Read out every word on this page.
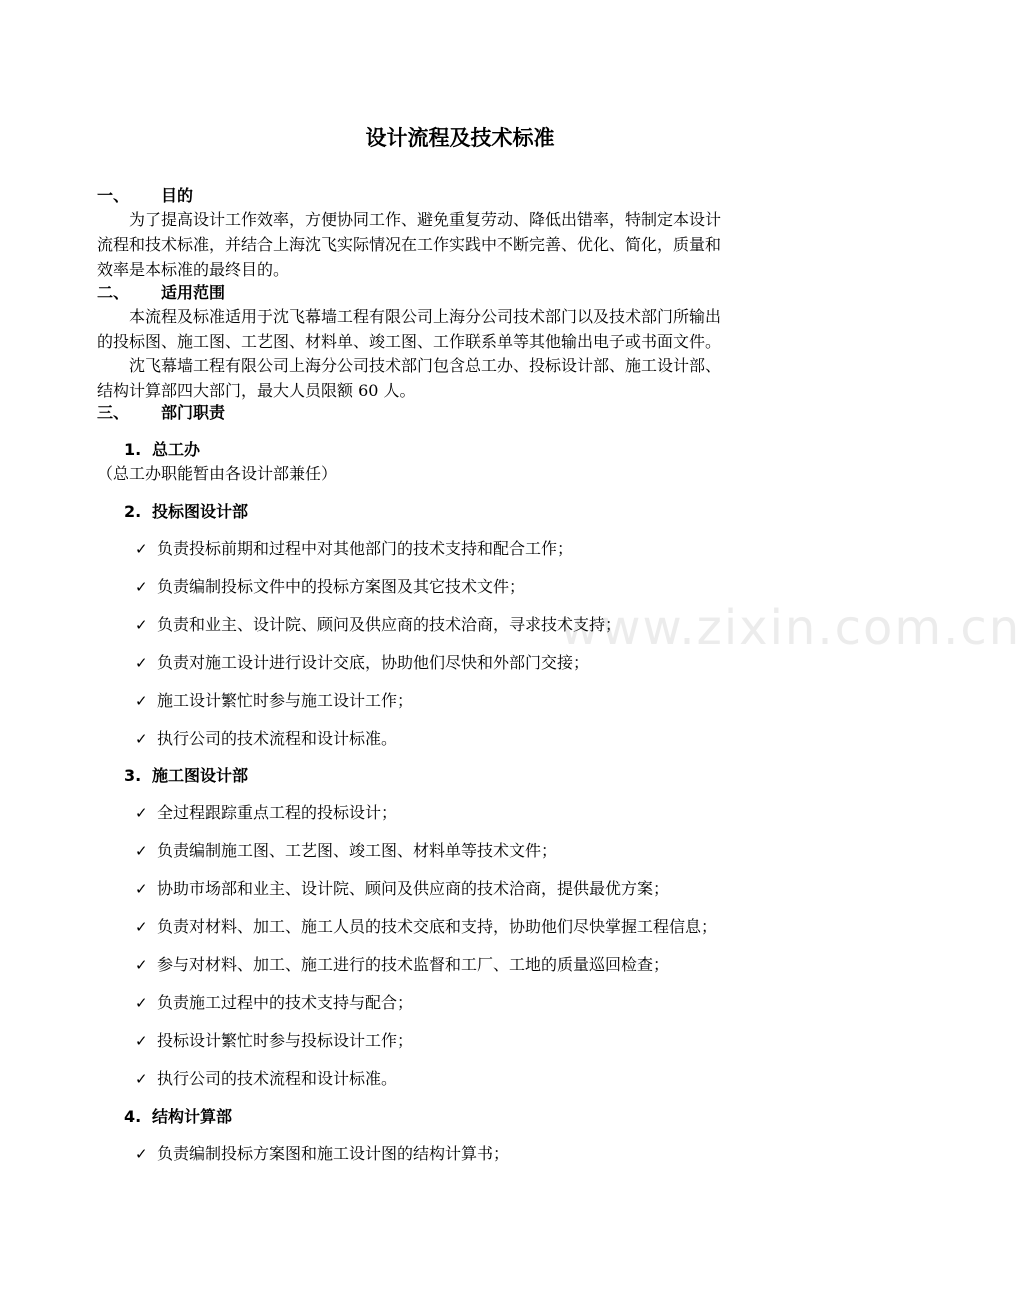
www.zixin.com.cn
设计流程及技术标准
一、 目的
为了提高设计工作效率，方便协同工作、避免重复劳动、降低出错率，特制定本设计
流程和技术标准，并结合上海沈飞实际情况在工作实践中不断完善、优化、简化，质量和
效率是本标准的最终目的。
二、 适用范围
本流程及标准适用于沈飞幕墙工程有限公司上海分公司技术部门以及技术部门所输出
的投标图、施工图、工艺图、材料单、竣工图、工作联系单等其他输出电子或书面文件。
沈飞幕墙工程有限公司上海分公司技术部门包含总工办、投标设计部、施工设计部、
结构计算部四大部门，最大人员限额 60 人。
三、 部门职责
1. 总工办
（总工办职能暂由各设计部兼任）
2. 投标图设计部
✓ 负责投标前期和过程中对其他部门的技术支持和配合工作；
✓ 负责编制投标文件中的投标方案图及其它技术文件；
✓ 负责和业主、设计院、顾问及供应商的技术洽商，寻求技术支持；
✓ 负责对施工设计进行设计交底，协助他们尽快和外部门交接；
✓ 施工设计繁忙时参与施工设计工作；
✓ 执行公司的技术流程和设计标准。
3. 施工图设计部
✓ 全过程跟踪重点工程的投标设计；
✓ 负责编制施工图、工艺图、竣工图、材料单等技术文件；
✓ 协助市场部和业主、设计院、顾问及供应商的技术洽商，提供最优方案；
✓ 负责对材料、加工、施工人员的技术交底和支持，协助他们尽快掌握工程信息；
✓ 参与对材料、加工、施工进行的技术监督和工厂、工地的质量巡回检查；
✓ 负责施工过程中的技术支持与配合；
✓ 投标设计繁忙时参与投标设计工作；
✓ 执行公司的技术流程和设计标准。
4. 结构计算部
✓ 负责编制投标方案图和施工设计图的结构计算书；
